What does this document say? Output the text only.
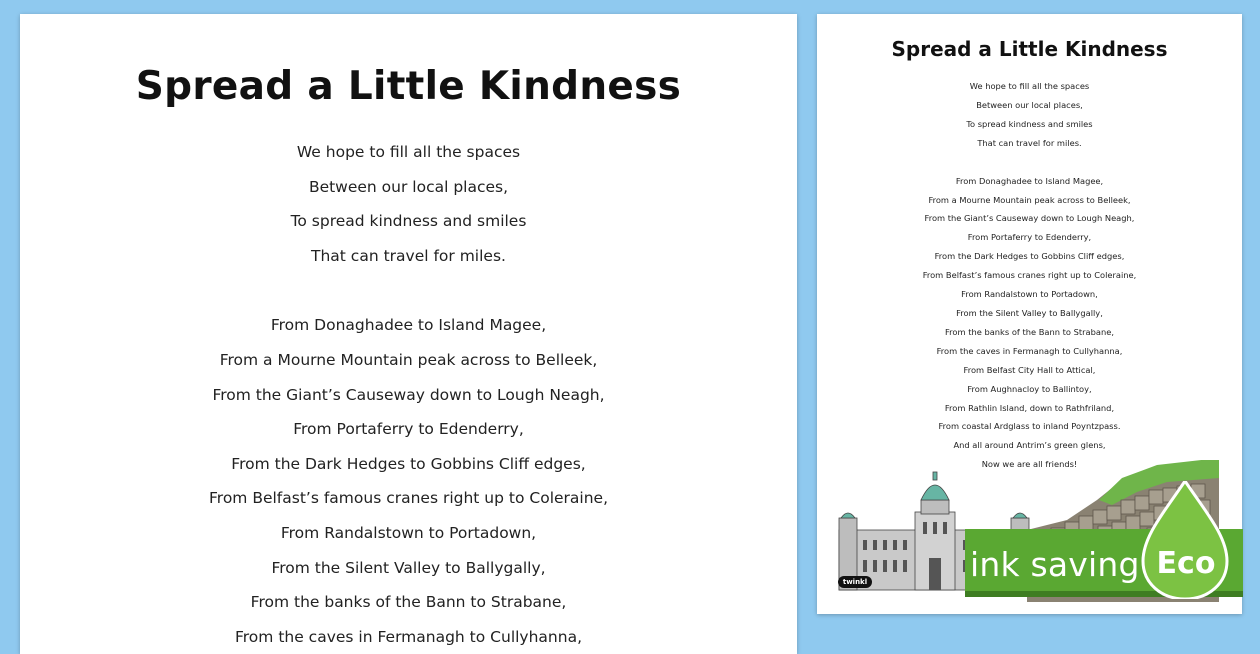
Spread a Little Kindness
We hope to fill all the spaces
Between our local places,
To spread kindness and smiles
That can travel for miles.
From Donaghadee to Island Magee,
From a Mourne Mountain peak across to Belleek,
From the Giant’s Causeway down to Lough Neagh,
From Portaferry to Edenderry,
From the Dark Hedges to Gobbins Cliff edges,
From Belfast’s famous cranes right up to Coleraine,
From Randalstown to Portadown,
From the Silent Valley to Ballygally,
From the banks of the Bann to Strabane,
From the caves in Fermanagh to Cullyhanna,
Spread a Little Kindness
We hope to fill all the spaces
Between our local places,
To spread kindness and smiles
That can travel for miles.
From Donaghadee to Island Magee,
From a Mourne Mountain peak across to Belleek,
From the Giant’s Causeway down to Lough Neagh,
From Portaferry to Edenderry,
From the Dark Hedges to Gobbins Cliff edges,
From Belfast’s famous cranes right up to Coleraine,
From Randalstown to Portadown,
From the Silent Valley to Ballygally,
From the banks of the Bann to Strabane,
From the caves in Fermanagh to Cullyhanna,
From Belfast City Hall to Attical,
From Aughnacloy to Ballintoy,
From Rathlin Island, down to Rathfriland,
From coastal Ardglass to inland Poyntzpass.
And all around Antrim’s green glens,
Now we are all friends!
twinkl	ink saving Eco
